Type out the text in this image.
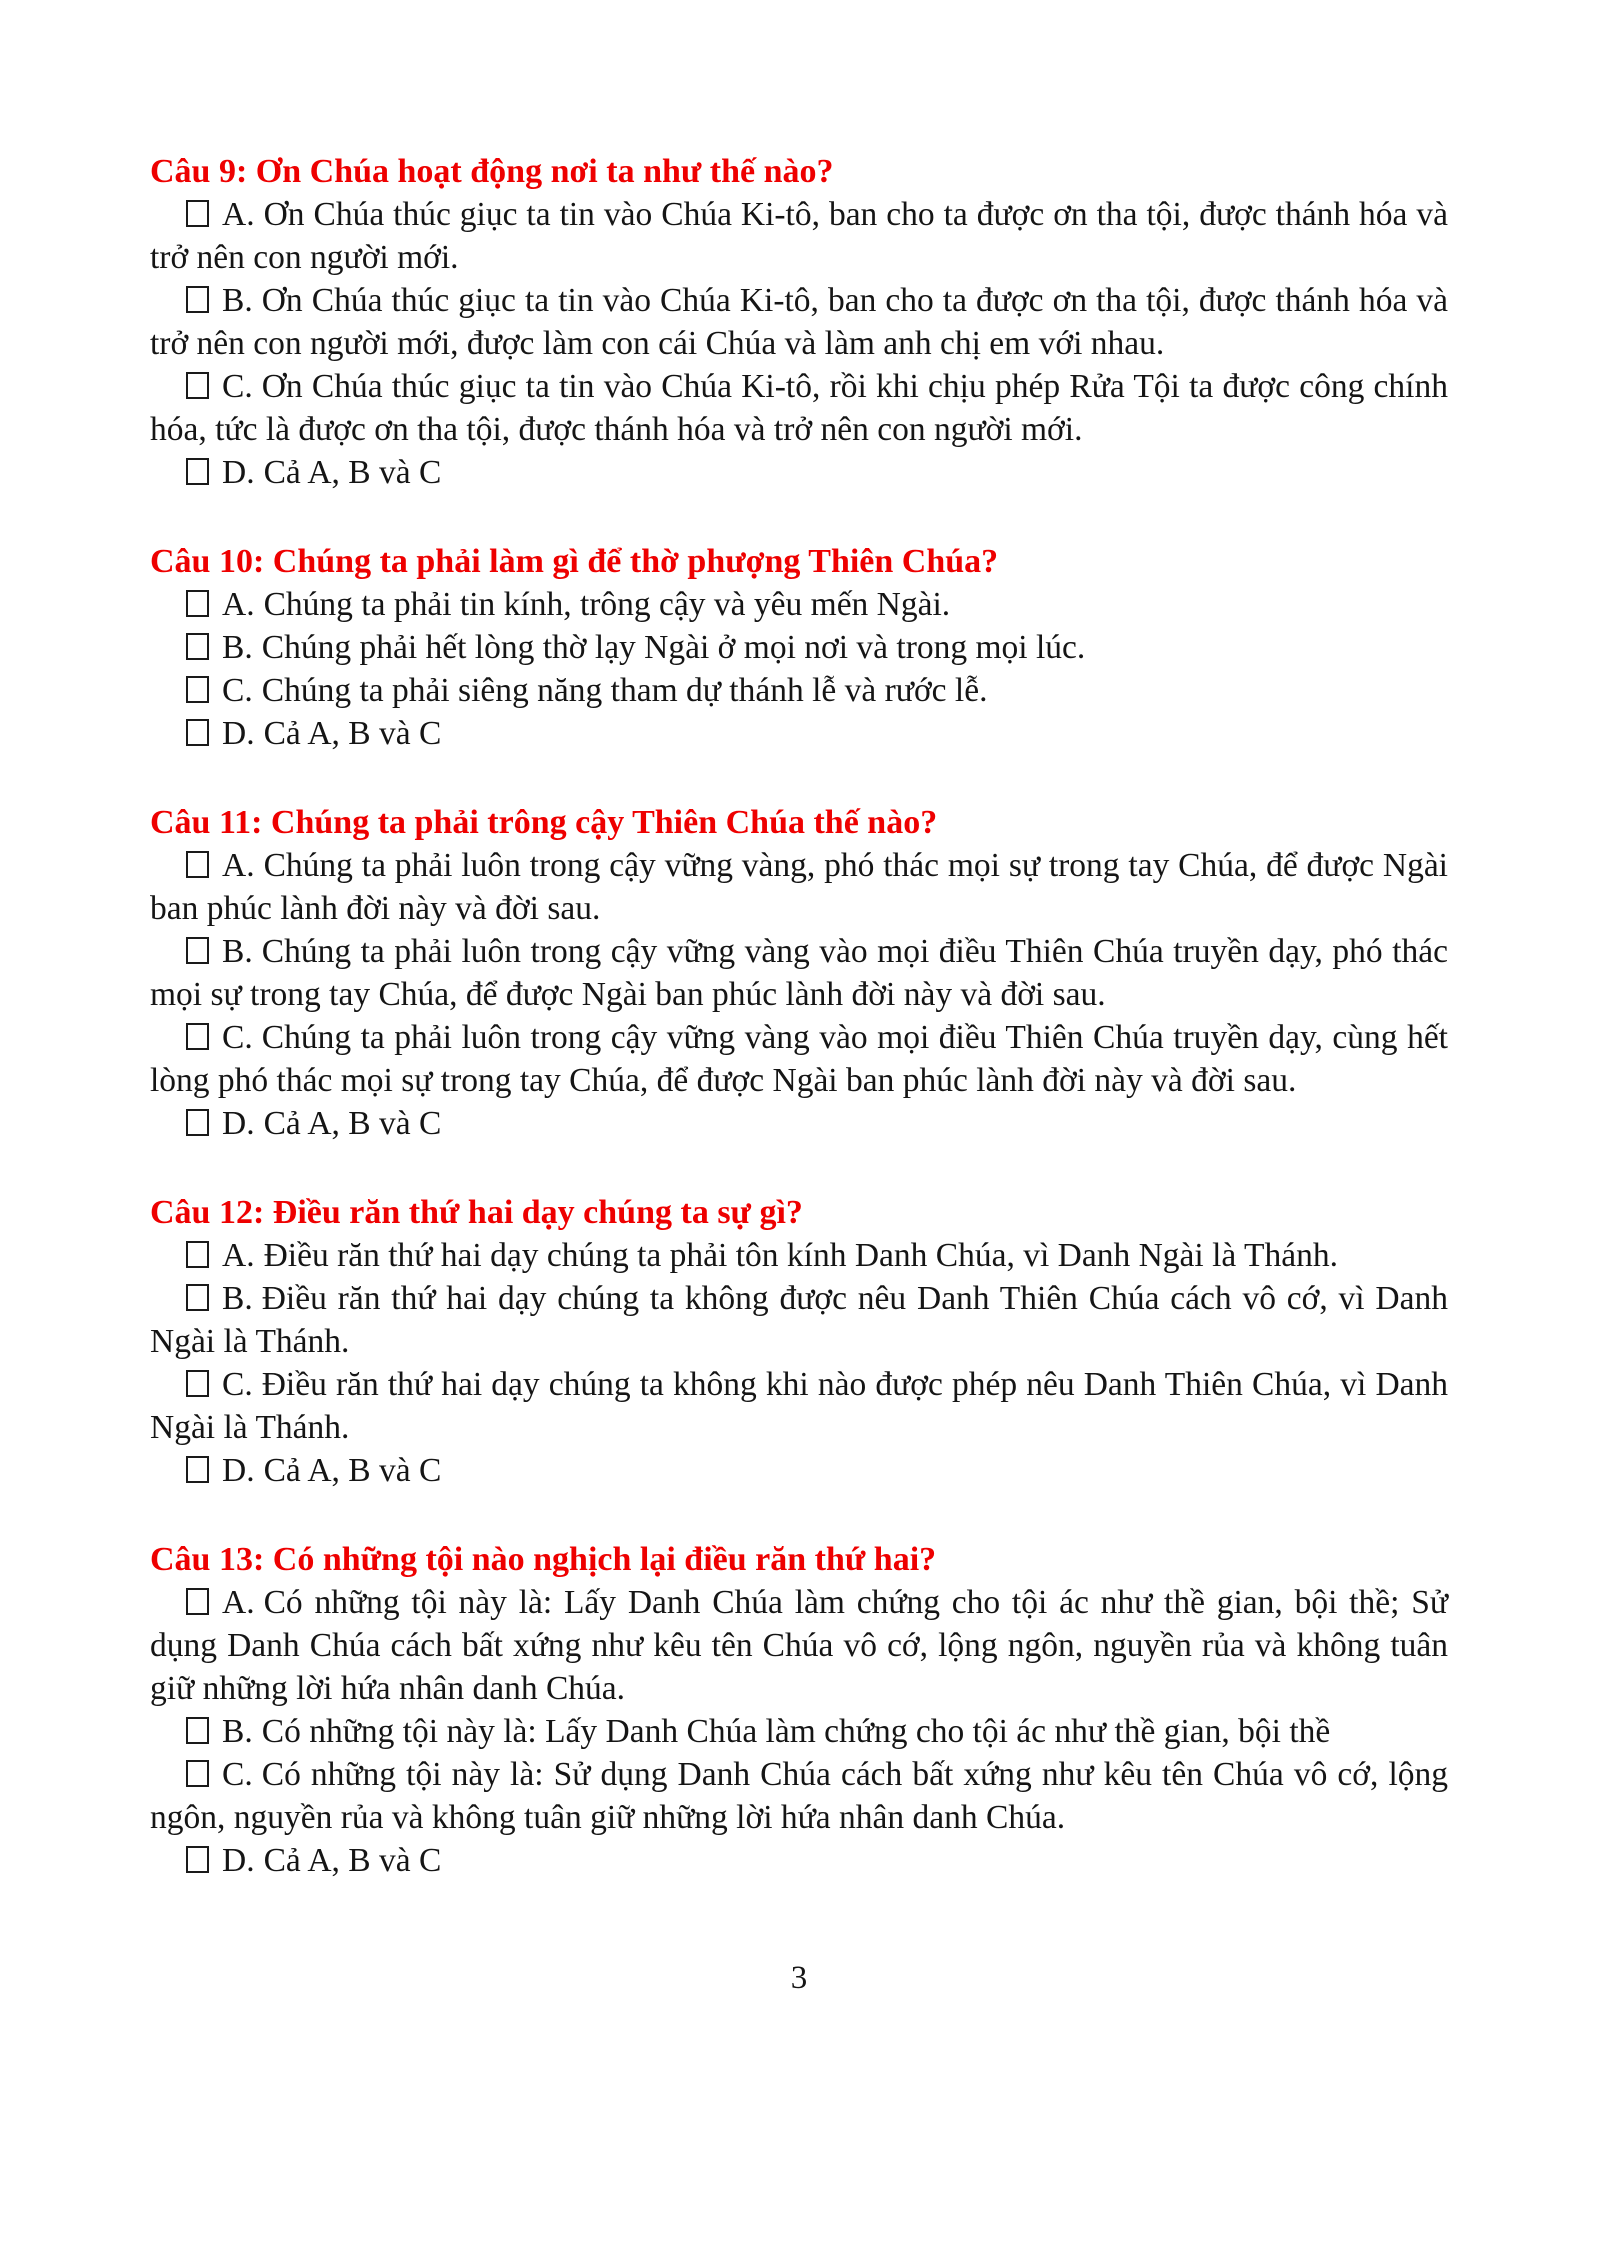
Câu 9: Ơn Chúa hoạt động nơi ta như thế nào?

A. Ơn Chúa thúc giục ta tin vào Chúa Ki-tô, ban cho ta được ơn tha tội, được thánh hóa và trở nên con người mới.

B. Ơn Chúa thúc giục ta tin vào Chúa Ki-tô, ban cho ta được ơn tha tội, được thánh hóa và trở nên con người mới, được làm con cái Chúa và làm anh chị em với nhau.

C. Ơn Chúa thúc giục ta tin vào Chúa Ki-tô, rồi khi chịu phép Rửa Tội ta được công chính hóa, tức là được ơn tha tội, được thánh hóa và trở nên con người mới.

D. Cả A, B và C

Câu 10: Chúng ta phải làm gì để thờ phượng Thiên Chúa?

A. Chúng ta phải tin kính, trông cậy và yêu mến Ngài.

B. Chúng phải hết lòng thờ lạy Ngài ở mọi nơi và trong mọi lúc.

C. Chúng ta phải siêng năng tham dự thánh lễ và rước lễ.

D. Cả A, B và C

Câu 11: Chúng ta phải trông cậy Thiên Chúa thế nào?

A. Chúng ta phải luôn trong cậy vững vàng, phó thác mọi sự trong tay Chúa, để được Ngài ban phúc lành đời này và đời sau.

B. Chúng ta phải luôn trong cậy vững vàng vào mọi điều Thiên Chúa truyền dạy, phó thác mọi sự trong tay Chúa, để được Ngài ban phúc lành đời này và đời sau.

C. Chúng ta phải luôn trong cậy vững vàng vào mọi điều Thiên Chúa truyền dạy, cùng hết lòng phó thác mọi sự trong tay Chúa, để được Ngài ban phúc lành đời này và đời sau.

D. Cả A, B và C

Câu 12: Điều răn thứ hai dạy chúng ta sự gì?

A. Điều răn thứ hai dạy chúng ta phải tôn kính Danh Chúa, vì Danh Ngài là Thánh.

B. Điều răn thứ hai dạy chúng ta không được nêu Danh Thiên Chúa cách vô cớ, vì Danh Ngài là Thánh.

C. Điều răn thứ hai dạy chúng ta không khi nào được phép nêu Danh Thiên Chúa, vì Danh Ngài là Thánh.

D. Cả A, B và C

Câu 13: Có những tội nào nghịch lại điều răn thứ hai?

A. Có những tội này là: Lấy Danh Chúa làm chứng cho tội ác như thề gian, bội thề; Sử dụng Danh Chúa cách bất xứng như kêu tên Chúa vô cớ, lộng ngôn, nguyền rủa và không tuân giữ những lời hứa nhân danh Chúa.

B. Có những tội này là: Lấy Danh Chúa làm chứng cho tội ác như thề gian, bội thề

C. Có những tội này là: Sử dụng Danh Chúa cách bất xứng như kêu tên Chúa vô cớ, lộng ngôn, nguyền rủa và không tuân giữ những lời hứa nhân danh Chúa.

D. Cả A, B và C

3
